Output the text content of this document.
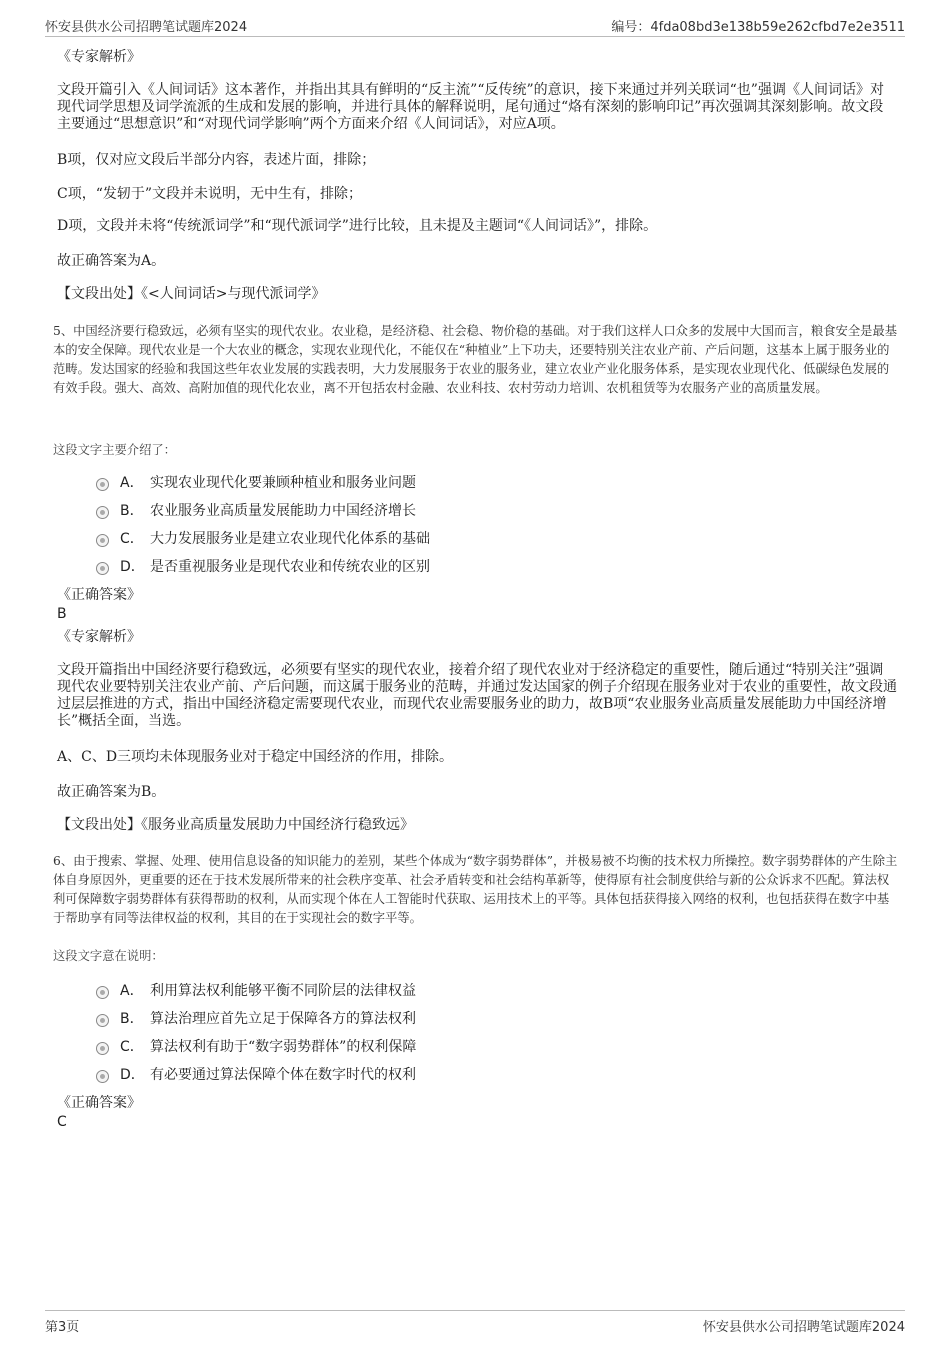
怀安县供水公司招聘笔试题库2024	编号：4fda08bd3e138b59e262cfbd7e2e3511

《专家解析》

文段开篇引入《人间词话》这本著作，并指出其具有鲜明的“反主流”“反传统”的意识，接下来通过并列关联词“也”强调《人间词话》对现代词学思想及词学流派的生成和发展的影响，并进行具体的解释说明，尾句通过“烙有深刻的影响印记”再次强调其深刻影响。故文段主要通过“思想意识”和“对现代词学影响”两个方面来介绍《人间词话》，对应A项。

B项，仅对应文段后半部分内容，表述片面，排除；

C项，“发轫于”文段并未说明，无中生有，排除；

D项，文段并未将“传统派词学”和“现代派词学”进行比较，且未提及主题词“《人间词话》”，排除。

故正确答案为A。

【文段出处】《<人间词话>与现代派词学》

5、中国经济要行稳致远，必须有坚实的现代农业。农业稳，是经济稳、社会稳、物价稳的基础。对于我们这样人口众多的发展中大国而言，粮食安全是最基本的安全保障。现代农业是一个大农业的概念，实现农业现代化，不能仅在“种植业”上下功夫，还要特别关注农业产前、产后问题，这基本上属于服务业的范畴。发达国家的经验和我国这些年农业发展的实践表明，大力发展服务于农业的服务业，建立农业产业化服务体系，是实现农业现代化、低碳绿色发展的有效手段。强大、高效、高附加值的现代化农业，离不开包括农村金融、农业科技、农村劳动力培训、农机租赁等为农服务产业的高质量发展。

这段文字主要介绍了：

A． 实现农业现代化要兼顾种植业和服务业问题
B． 农业服务业高质量发展能助力中国经济增长
C． 大力发展服务业是建立农业现代化体系的基础
D． 是否重视服务业是现代农业和传统农业的区别

《正确答案》

B

《专家解析》

文段开篇指出中国经济要行稳致远，必须要有坚实的现代农业，接着介绍了现代农业对于经济稳定的重要性，随后通过“特别关注”强调现代农业要特别关注农业产前、产后问题，而这属于服务业的范畴，并通过发达国家的例子介绍现在服务业对于农业的重要性，故文段通过层层推进的方式，指出中国经济稳定需要现代农业，而现代农业需要服务业的助力，故B项“农业服务业高质量发展能助力中国经济增长”概括全面，当选。

A、C、D三项均未体现服务业对于稳定中国经济的作用，排除。

故正确答案为B。

【文段出处】《服务业高质量发展助力中国经济行稳致远》

6、由于搜索、掌握、处理、使用信息设备的知识能力的差别，某些个体成为“数字弱势群体”，并极易被不均衡的技术权力所操控。数字弱势群体的产生除主体自身原因外，更重要的还在于技术发展所带来的社会秩序变革、社会矛盾转变和社会结构革新等，使得原有社会制度供给与新的公众诉求不匹配。算法权利可保障数字弱势群体有获得帮助的权利，从而实现个体在人工智能时代获取、运用技术上的平等。具体包括获得接入网络的权利，也包括获得在数字中基于帮助享有同等法律权益的权利，其目的在于实现社会的数字平等。

这段文字意在说明：

A． 利用算法权利能够平衡不同阶层的法律权益
B． 算法治理应首先立足于保障各方的算法权利
C． 算法权利有助于“数字弱势群体”的权利保障
D． 有必要通过算法保障个体在数字时代的权利

《正确答案》

C

第3页	怀安县供水公司招聘笔试题库2024
